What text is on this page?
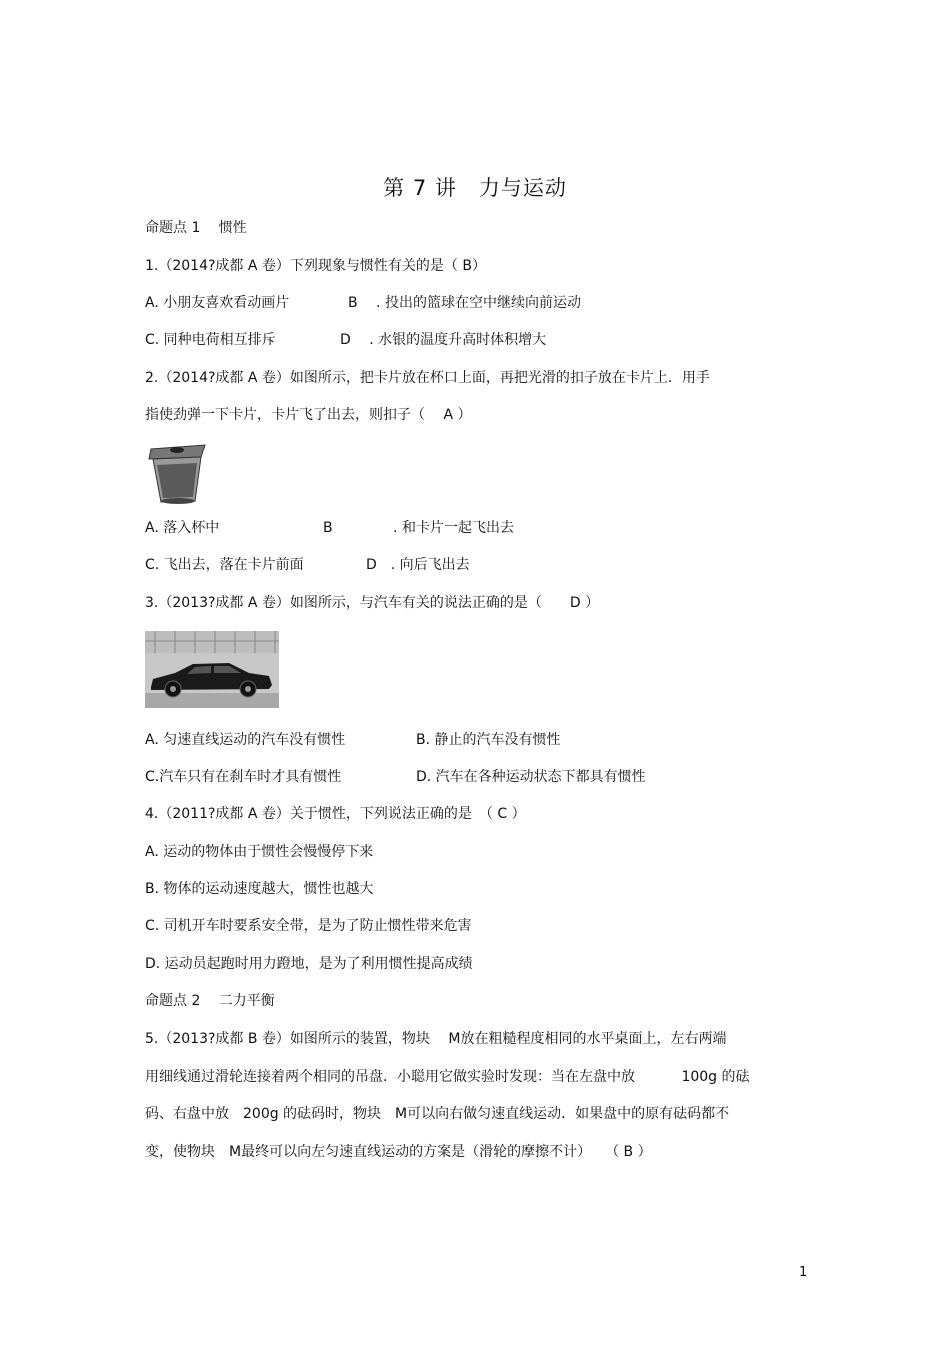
第 7 讲　力与运动
命题点 1　 惯性
1.（2014?成都 A 卷）下列现象与惯性有关的是（ B）
A. 小朋友喜欢看动画片	B　 . 投出的篮球在空中继续向前运动
C. 同种电荷相互排斥	D　 . 水银的温度升高时体积增大
2.（2014?成都 A 卷）如图所示，把卡片放在杯口上面，再把光滑的扣子放在卡片上．用手
指使劲弹一下卡片，卡片飞了出去，则扣子（　 A ）
A. 落入杯中	B　　　　 . 和卡片一起飞出去
C. 飞出去，落在卡片前面	D　. 向后飞出去
3.（2013?成都 A 卷）如图所示，与汽车有关的说法正确的是（　　D ）
A. 匀速直线运动的汽车没有惯性	B. 静止的汽车没有惯性
C.汽车只有在刹车时才具有惯性	D. 汽车在各种运动状态下都具有惯性
4.（2011?成都 A 卷）关于惯性，下列说法正确的是　（ C ）
A. 运动的物体由于惯性会慢慢停下来
B. 物体的运动速度越大，惯性也越大
C. 司机开车时要系安全带，是为了防止惯性带来危害
D. 运动员起跑时用力蹬地，是为了利用惯性提高成绩
命题点 2　 二力平衡
5.（2013?成都 B 卷）如图所示的装置，物块　 M放在粗糙程度相同的水平桌面上，左右两端
用细线通过滑轮连接着两个相同的吊盘．小聪用它做实验时发现：当在左盘中放　　　 100g 的砝
码、右盘中放　200g 的砝码时，物块　M可以向右做匀速直线运动．如果盘中的原有砝码都不
变，使物块　M最终可以向左匀速直线运动的方案是（滑轮的摩擦不计）　　（ B ）
1
